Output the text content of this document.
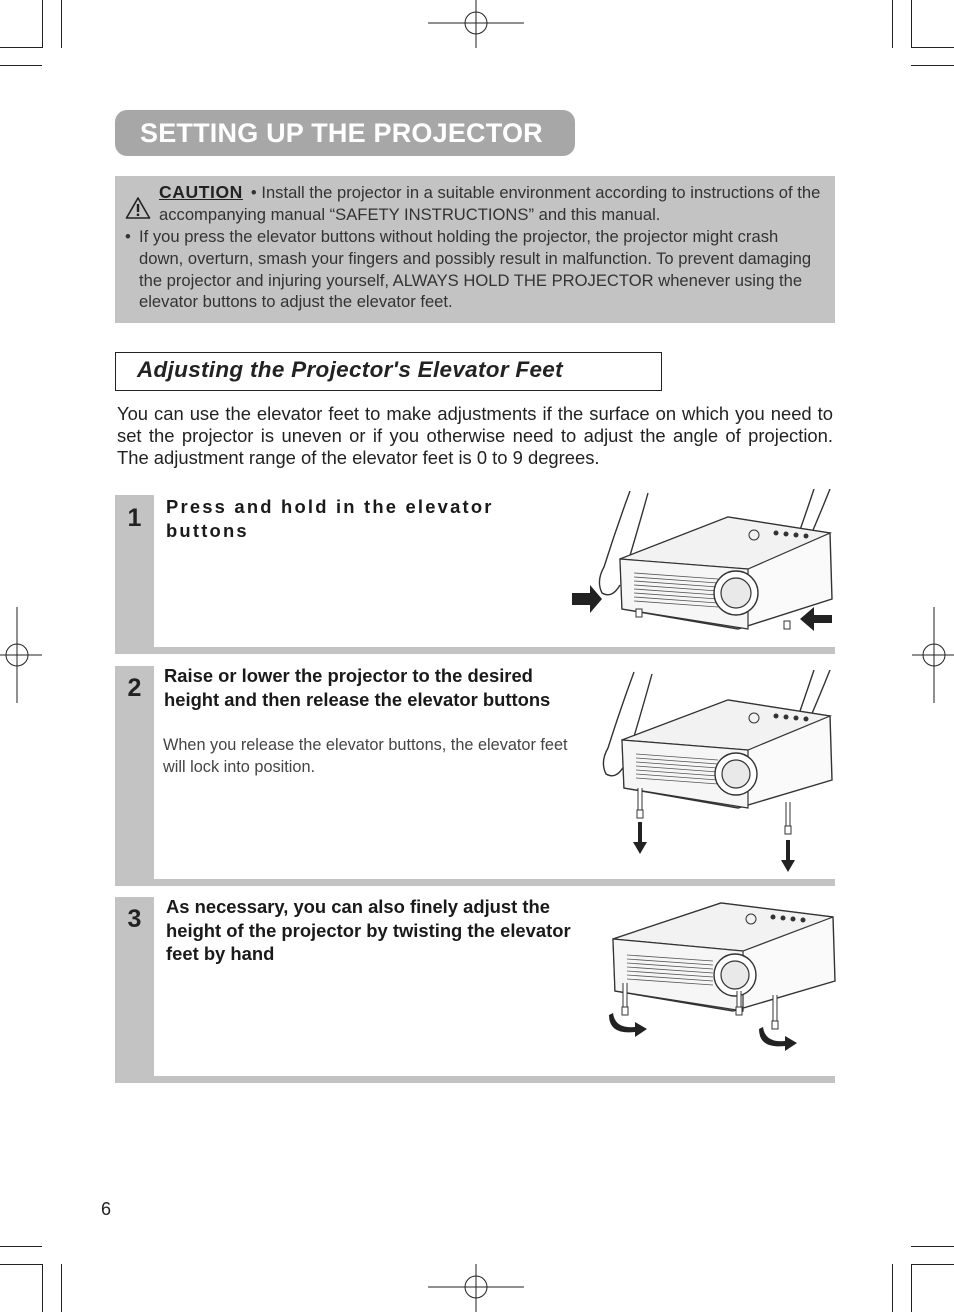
SETTING UP THE PROJECTOR
CAUTION • Install the projector in a suitable environment according to instructions of the accompanying manual “SAFETY INSTRUCTIONS” and this manual.
• If you press the elevator buttons without holding the projector, the projector might crash down, overturn, smash your fingers and possibly result in malfunction. To prevent damaging the projector and injuring yourself, ALWAYS HOLD THE PROJECTOR whenever using the elevator buttons to adjust the elevator feet.
Adjusting the Projector's Elevator Feet
You can use the elevator feet to make adjustments if the surface on which you need to set the projector is uneven or if you otherwise need to adjust the angle of projection. The adjustment range of the elevator feet is 0 to 9 degrees.
1	Press and hold in the elevator buttons
2	Raise or lower the projector to the desired height and then release the elevator buttons
When you release the elevator buttons, the elevator feet will lock into position.
3	As necessary, you can also finely adjust the height of the projector by twisting the elevator feet by hand
6
